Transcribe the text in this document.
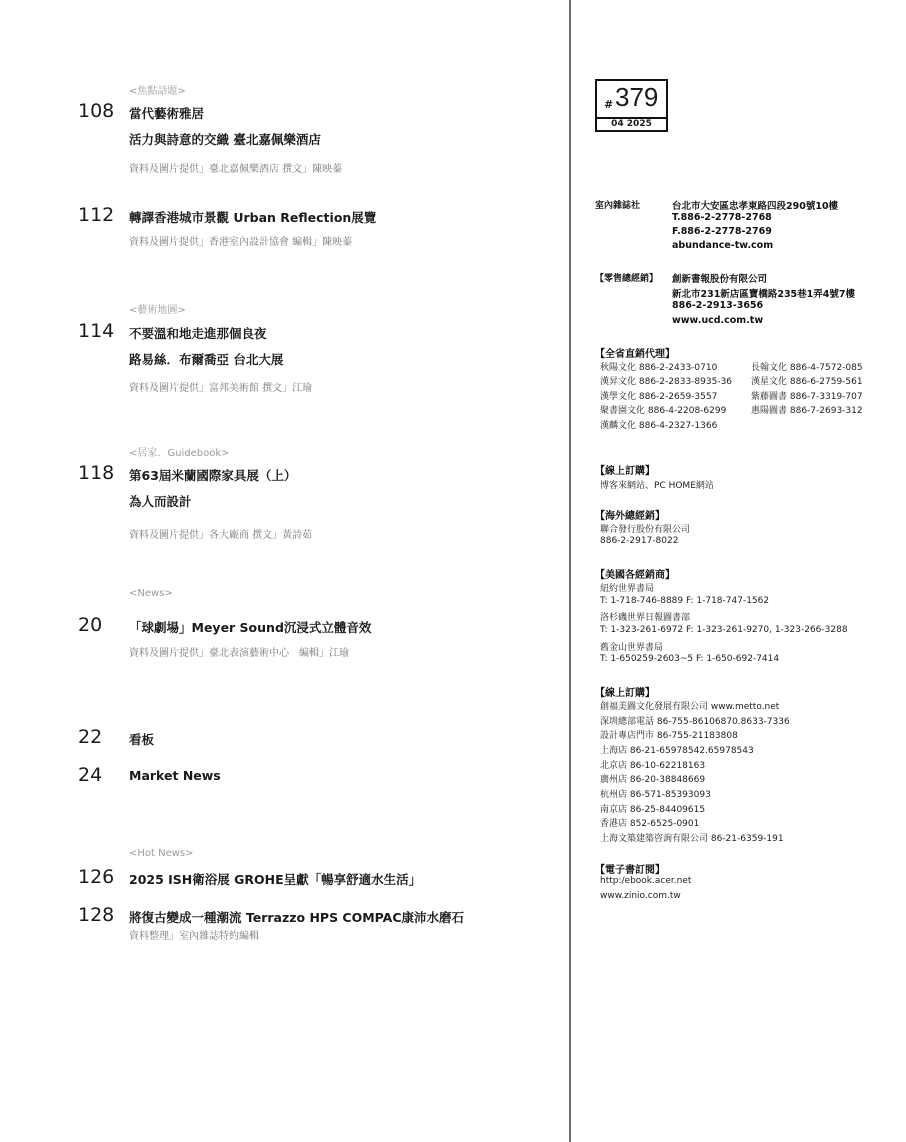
<焦點話題>
108 當代藝術雅居
活力與詩意的交織 臺北嘉佩樂酒店
資料及圖片提供」臺北嘉佩樂酒店 撰文」陳映蓁
112 轉譯香港城市景觀 Urban Reflection展覽
資料及圖片提供」香港室內設計協會 編輯」陳映蓁
<藝術地圖>
114 不要溫和地走進那個良夜
路易絲．布爾喬亞 台北大展
資料及圖片提供」富邦美術館 撰文」江瑜
<居家．Guidebook>
118 第63屆米蘭國際家具展（上）
為人而設計
資料及圖片提供」各大廠商 撰文」黃詩茹
<News>
20 「球劇場」Meyer Sound沉浸式立體音效
資料及圖片提供」臺北表演藝術中心　編輯」江瑜
22 看板
24 Market News
<Hot News>
126 2025 ISH衛浴展 GROHE呈獻「暢享舒適水生活」
128 將復古變成一種潮流 Terrazzo HPS COMPAC康沛水磨石
資料整理」室內雜誌特約編輯
# 379
04 2025
室內雜誌社	台北市大安區忠孝東路四段290號10樓
T.886-2-2778-2768
F.886-2-2778-2769
abundance-tw.com
【零售總經銷】 創新書報股份有限公司
新北市231新店區寶橋路235巷1弄4號7樓
886-2-2913-3656
www.ucd.com.tw
【全省直銷代理】
秋陽文化 886-2-2433-0710
漢昇文化 886-2-2833-8935-36
漢學文化 886-2-2659-3557
聚書園文化 886-4-2208-6299
漢麟文化 886-4-2327-1366
長翰文化 886-4-7572-085
漢星文化 886-6-2759-561
紫藤圖書 886-7-3319-707
惠陽圖書 886-7-2693-312
【線上訂購】
博客來網站、PC HOME網站
【海外總經銷】
聯合發行股份有限公司
886-2-2917-8022
【美國各經銷商】
紐約世界書局
T: 1-718-746-8889 F: 1-718-747-1562
洛杉磯世界日報圖書部
T: 1-323-261-6972 F: 1-323-261-9270, 1-323-266-3288
舊金山世界書局
T: 1-650259-2603~5 F: 1-650-692-7414
【線上訂購】
創福美圖文化發展有限公司 www.metto.net
深圳總部電話 86-755-86106870.8633-7336
設計專店門市 86-755-21183808
上海店 86-21-65978542.65978543
北京店 86-10-62218163
廣州店 86-20-38848669
杭州店 86-571-85393093
南京店 86-25-84409615
香港店 852-6525-0901
上海文築建築咨詢有限公司 86-21-6359-191
【電子書訂閱】
http:/ebook.acer.net
www.zinio.com.tw
